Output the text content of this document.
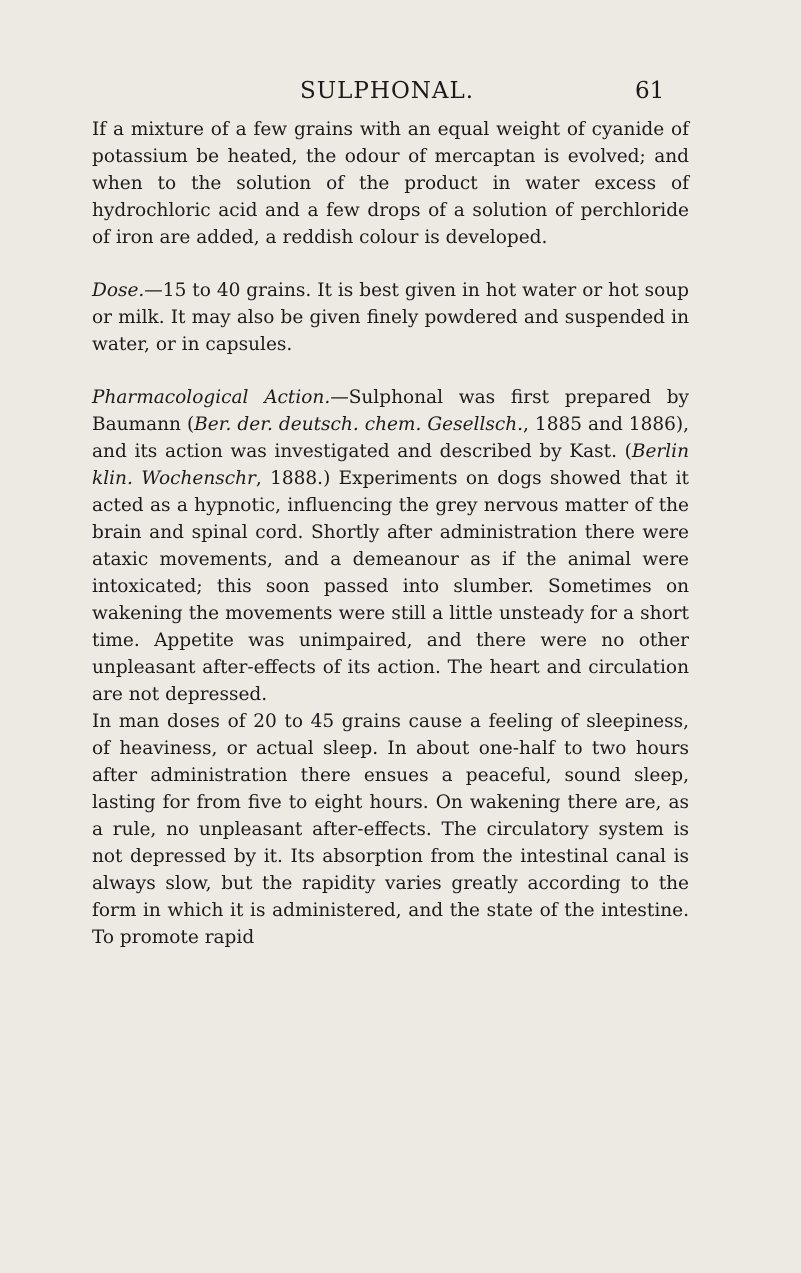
SULPHONAL.	61

If a mixture of a few grains with an equal weight of cyanide of potassium be heated, the odour of mercaptan is evolved; and when to the solution of the product in water excess of hydrochloric acid and a few drops of a solution of perchloride of iron are added, a reddish colour is developed.

Dose.—15 to 40 grains. It is best given in hot water or hot soup or milk. It may also be given finely powdered and suspended in water, or in capsules.

Pharmacological Action.—Sulphonal was first prepared by Baumann (Ber. der. deutsch. chem. Gesellsch., 1885 and 1886), and its action was investigated and described by Kast. (Berlin klin. Wochenschr, 1888.) Experiments on dogs showed that it acted as a hypnotic, influencing the grey nervous matter of the brain and spinal cord. Shortly after administration there were ataxic movements, and a demeanour as if the animal were intoxicated; this soon passed into slumber. Sometimes on wakening the movements were still a little unsteady for a short time. Appetite was unimpaired, and there were no other unpleasant after-effects of its action. The heart and circulation are not depressed.

In man doses of 20 to 45 grains cause a feeling of sleepiness, of heaviness, or actual sleep. In about one-half to two hours after administration there ensues a peaceful, sound sleep, lasting for from five to eight hours. On wakening there are, as a rule, no unpleasant after-effects. The circulatory system is not depressed by it. Its absorption from the intestinal canal is always slow, but the rapidity varies greatly according to the form in which it is administered, and the state of the intestine. To promote rapid
